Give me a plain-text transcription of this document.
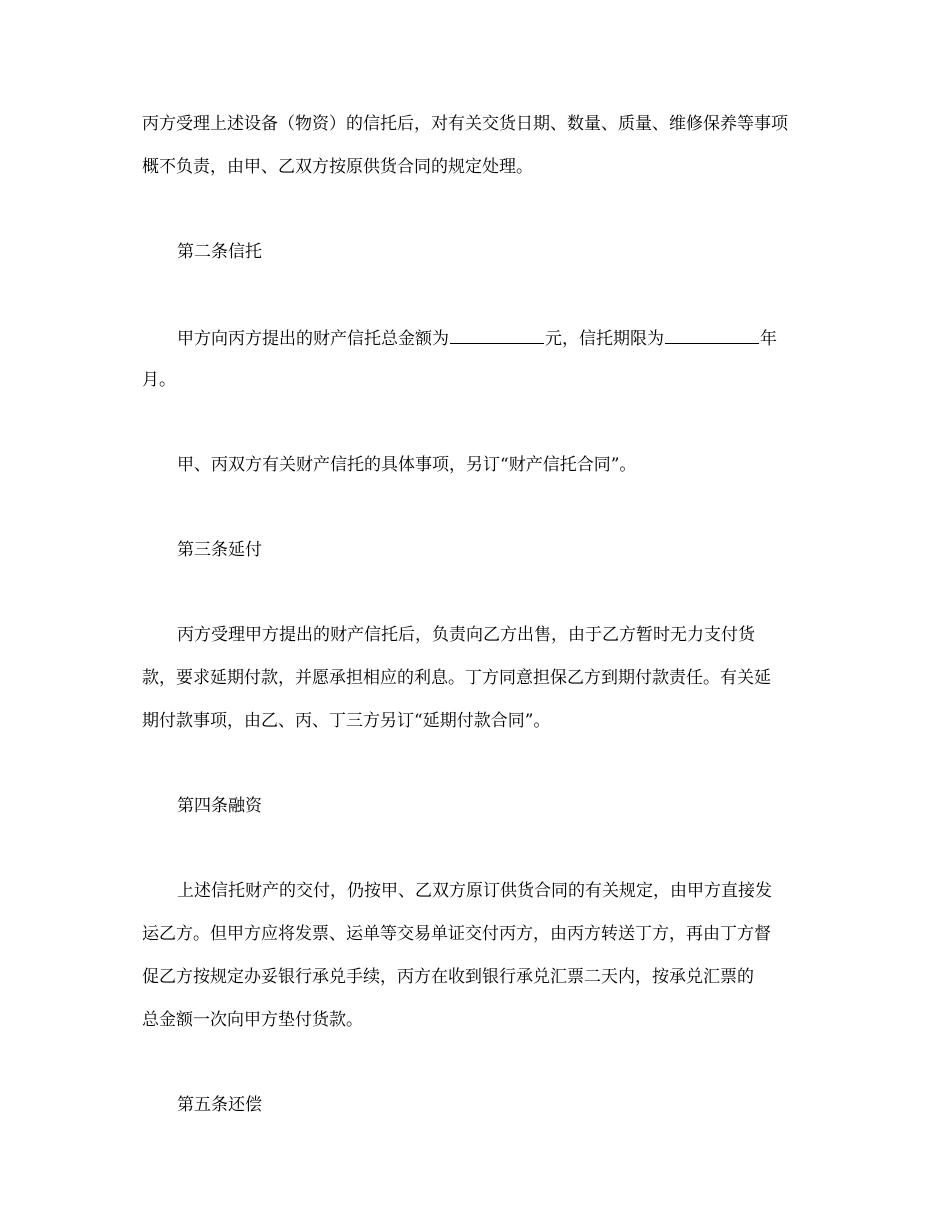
丙方受理上述设备（物资）的信托后，对有关交货日期、数量、质量、维修保养等事项
概不负责，由甲、乙双方按原供货合同的规定处理。
第二条信托
甲方向丙方提出的财产信托总金额为	元，信托期限为	年
月。
甲、丙双方有关财产信托的具体事项，另订“财产信托合同”。
第三条延付
丙方受理甲方提出的财产信托后，负责向乙方出售，由于乙方暂时无力支付货
款，要求延期付款，并愿承担相应的利息。丁方同意担保乙方到期付款责任。有关延
期付款事项，由乙、丙、丁三方另订“延期付款合同”。
第四条融资
上述信托财产的交付，仍按甲、乙双方原订供货合同的有关规定，由甲方直接发
运乙方。但甲方应将发票、运单等交易单证交付丙方，由丙方转送丁方，再由丁方督
促乙方按规定办妥银行承兑手续，丙方在收到银行承兑汇票二天内，按承兑汇票的
总金额一次向甲方垫付货款。
第五条还偿
